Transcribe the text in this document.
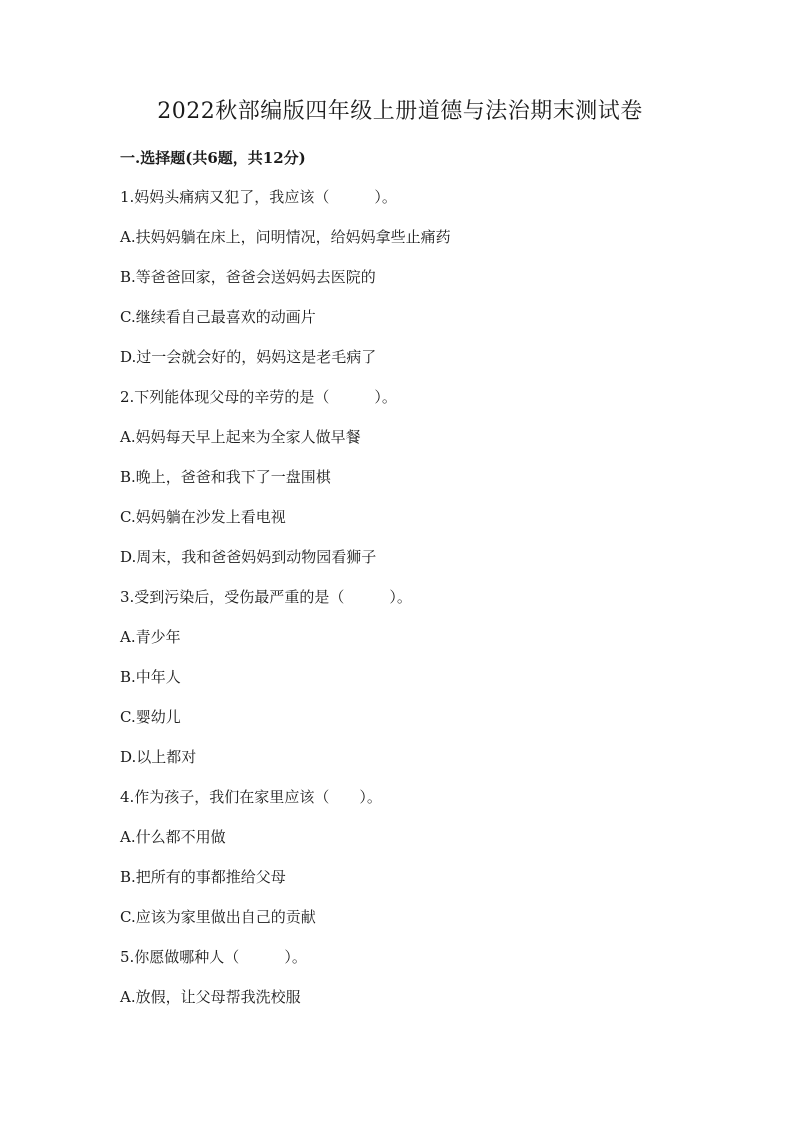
2022秋部编版四年级上册道德与法治期末测试卷
一.选择题(共6题，共12分)
1.妈妈头痛病又犯了，我应该（　　　）。
A.扶妈妈躺在床上，问明情况，给妈妈拿些止痛药
B.等爸爸回家，爸爸会送妈妈去医院的
C.继续看自己最喜欢的动画片
D.过一会就会好的，妈妈这是老毛病了
2.下列能体现父母的辛劳的是（　　　）。
A.妈妈每天早上起来为全家人做早餐
B.晚上，爸爸和我下了一盘围棋
C.妈妈躺在沙发上看电视
D.周末，我和爸爸妈妈到动物园看狮子
3.受到污染后，受伤最严重的是（　　　）。
A.青少年
B.中年人
C.婴幼儿
D.以上都对
4.作为孩子，我们在家里应该（　　）。
A.什么都不用做
B.把所有的事都推给父母
C.应该为家里做出自己的贡献
5.你愿做哪种人（　　　）。
A.放假，让父母帮我洗校服
